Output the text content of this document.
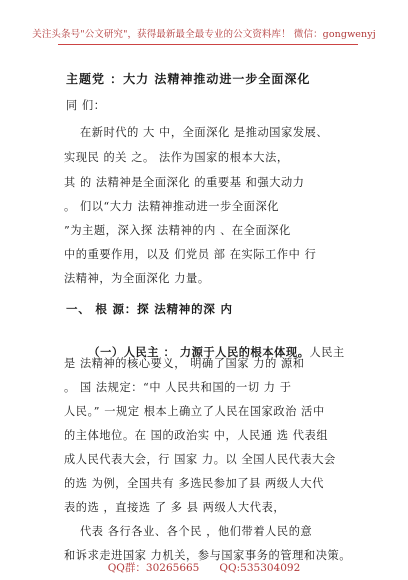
关注头条号"公文研究"，获得最新最全最专业的公文资料库！ 微信：gongwenyj
主题党 ：大力 法精神推动进一步全面深化
同 们：
在新时代的 大 中，全面深化 是推动国家发展、
实现民 的关 之。 法作为国家的根本大法，
其 的 法精神是全面深化 的重要基 和强大动力
。 们以“大力 法精神推动进一步全面深化
”为主题，深入探 法精神的内 、在全面深化
中的重要作用，以及 们党员 部 在实际工作中 行
法精神，为全面深化 力量。
一、 根 源：探 法精神的深 内

（一）人民主 ： 力源于人民的根本体现。人民主

是 法精神的核心要义， 明确了国家 力的 源和
。 国 法规定：“中 人民共和国的一切 力 于
人民。” 一规定 根本上确立了人民在国家政治 活中
的主体地位。在 国的政治实 中，人民通 选 代表组
成人民代表大会，行 国家 力。以 全国人民代表大会
的选 为例，全国共有 多选民参加了县 两级人大代
表的选 ，直接选 了 多 县 两级人大代表，
代表 各行各业、各个民 ，他们带着人民的意
和诉求走进国家 力机关，参与国家事务的管理和决策。
QQ群：30265665 QQ:535304092
